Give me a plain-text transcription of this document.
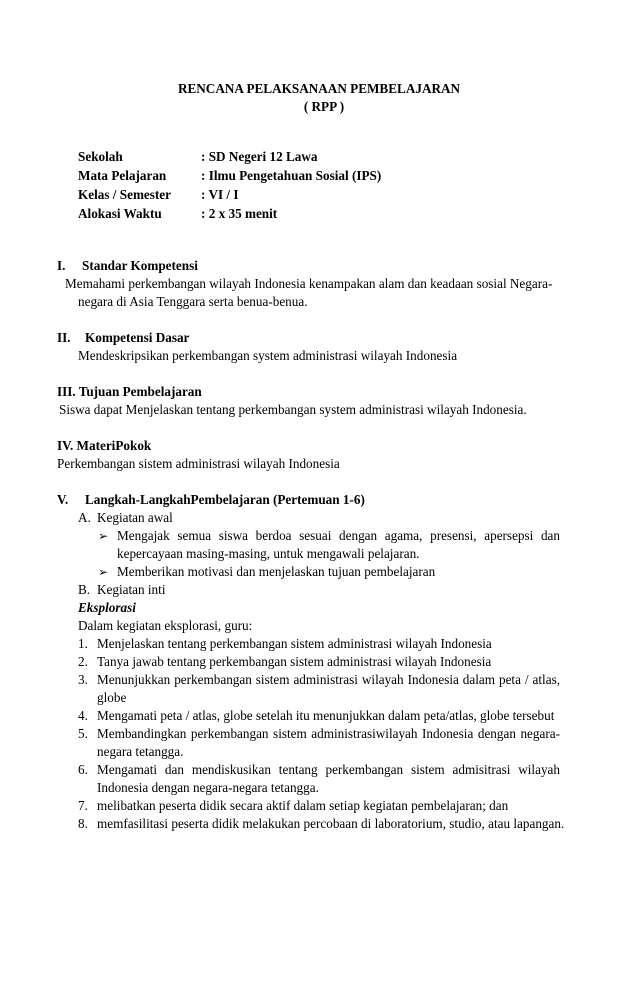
RENCANA PELAKSANAAN PEMBELAJARAN
( RPP )
Sekolah	: SD Negeri 12 Lawa
Mata Pelajaran	: Ilmu Pengetahuan Sosial (IPS)
Kelas / Semester : VI / I
Alokasi Waktu	: 2 x 35 menit
I. Standar Kompetensi
Memahami perkembangan wilayah Indonesia kenampakan alam dan keadaan sosial Negara-
negara di Asia Tenggara serta benua-benua.
II. Kompetensi Dasar
Mendeskripsikan perkembangan system administrasi wilayah Indonesia
III. Tujuan Pembelajaran
Siswa dapat Menjelaskan tentang perkembangan system administrasi wilayah Indonesia.
IV. MateriPokok
Perkembangan sistem administrasi wilayah Indonesia
V. Langkah-LangkahPembelajaran (Pertemuan 1-6)
A. Kegiatan awal
➢ Mengajak semua siswa berdoa sesuai dengan agama, presensi, apersepsi dan
kepercayaan masing-masing, untuk mengawali pelajaran.
➢ Memberikan motivasi dan menjelaskan tujuan pembelajaran
B. Kegiatan inti
Eksplorasi
Dalam kegiatan eksplorasi, guru:
1. Menjelaskan tentang perkembangan sistem administrasi wilayah Indonesia
2. Tanya jawab tentang perkembangan sistem administrasi wilayah Indonesia
3. Menunjukkan perkembangan sistem administrasi wilayah Indonesia dalam peta / atlas,
globe
4. Mengamati peta / atlas, globe setelah itu menunjukkan dalam peta/atlas, globe tersebut
5. Membandingkan perkembangan sistem administrasiwilayah Indonesia dengan negara-
negara tetangga.
6. Mengamati dan mendiskusikan tentang perkembangan sistem admisitrasi wilayah
Indonesia dengan negara-negara tetangga.
7. melibatkan peserta didik secara aktif dalam setiap kegiatan pembelajaran; dan
8. memfasilitasi peserta didik melakukan percobaan di laboratorium, studio, atau lapangan.
